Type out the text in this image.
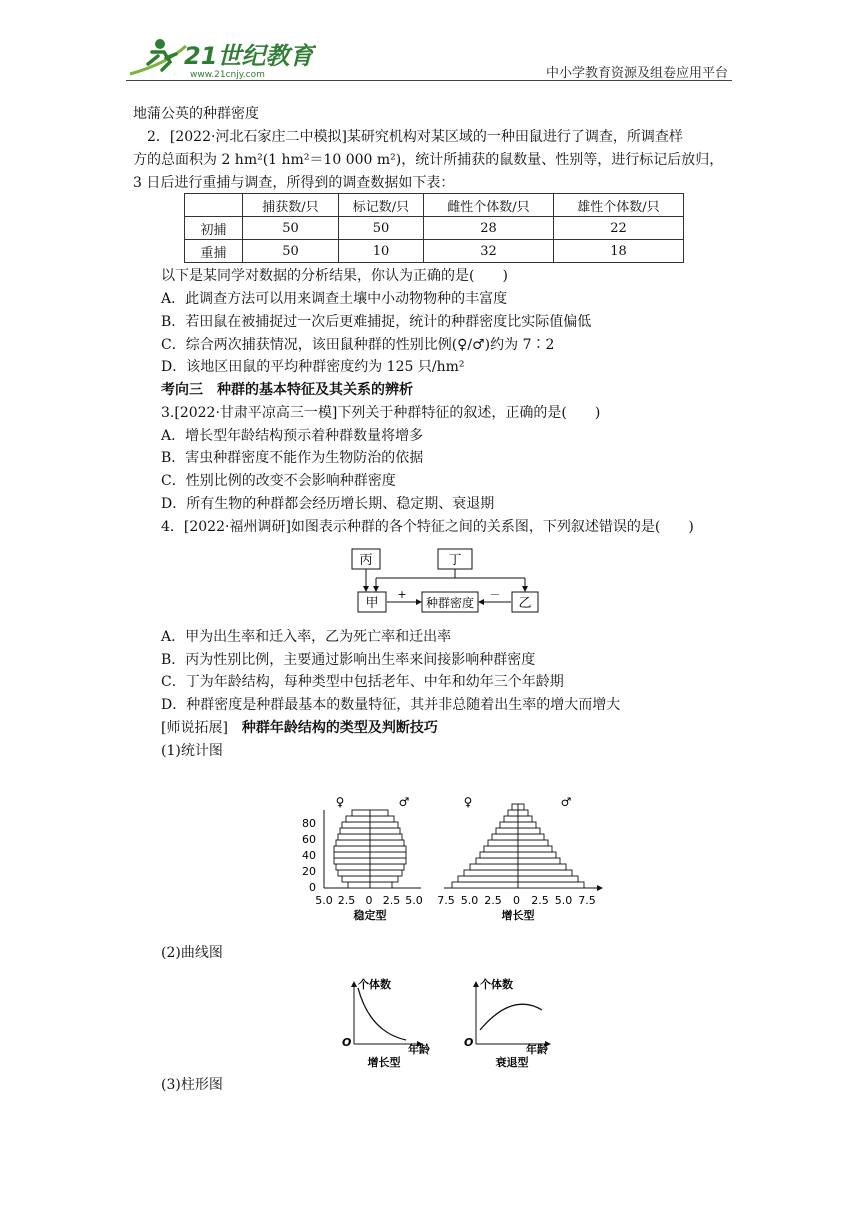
21世纪教育
www.21cnjy.com	中小学教育资源及组卷应用平台
地蒲公英的种群密度
2．[2022·河北石家庄二中模拟]某研究机构对某区域的一种田鼠进行了调查，所调查样
方的总面积为 2 hm²(1 hm²＝10 000 m²)，统计所捕获的鼠数量、性别等，进行标记后放归，
3 日后进行重捕与调查，所得到的调查数据如下表：
	捕获数/只	标记数/只	雌性个体数/只	雄性个体数/只
初捕	50	50	28	22
重捕	50	10	32	18
以下是某同学对数据的分析结果，你认为正确的是(　　)
A．此调查方法可以用来调查土壤中小动物物种的丰富度
B．若田鼠在被捕捉过一次后更难捕捉，统计的种群密度比实际值偏低
C．综合两次捕获情况，该田鼠种群的性别比例(♀/♂)约为 7∶2
D．该地区田鼠的平均种群密度约为 125 只/hm²
考向三　种群的基本特征及其关系的辨析
3.[2022·甘肃平凉高三一模]下列关于种群特征的叙述，正确的是(　　)
A．增长型年龄结构预示着种群数量将增多
B．害虫种群密度不能作为生物防治的依据
C．性别比例的改变不会影响种群密度
D．所有生物的种群都会经历增长期、稳定期、衰退期
4．[2022·福州调研]如图表示种群的各个特征之间的关系图，下列叙述错误的是(　　)
丙	丁
甲	种群密度	乙
+	－
A．甲为出生率和迁入率，乙为死亡率和迁出率
B．丙为性别比例，主要通过影响出生率来间接影响种群密度
C．丁为年龄结构，每种类型中包括老年、中年和幼年三个年龄期
D．种群密度是种群最基本的数量特征，其并非总随着出生率的增大而增大
[师说拓展]　种群年龄结构的类型及判断技巧
(1)统计图
♀	♂	♀	♂
0
20
40
60
80
5.0 2.5 0 2.5 5.0 7.5 5.0 2.5 0 2.5 5.0 7.5
稳定型	增长型
(2)曲线图
个体数
年龄
O
增长型
个体数
年龄
O
衰退型
(3)柱形图
